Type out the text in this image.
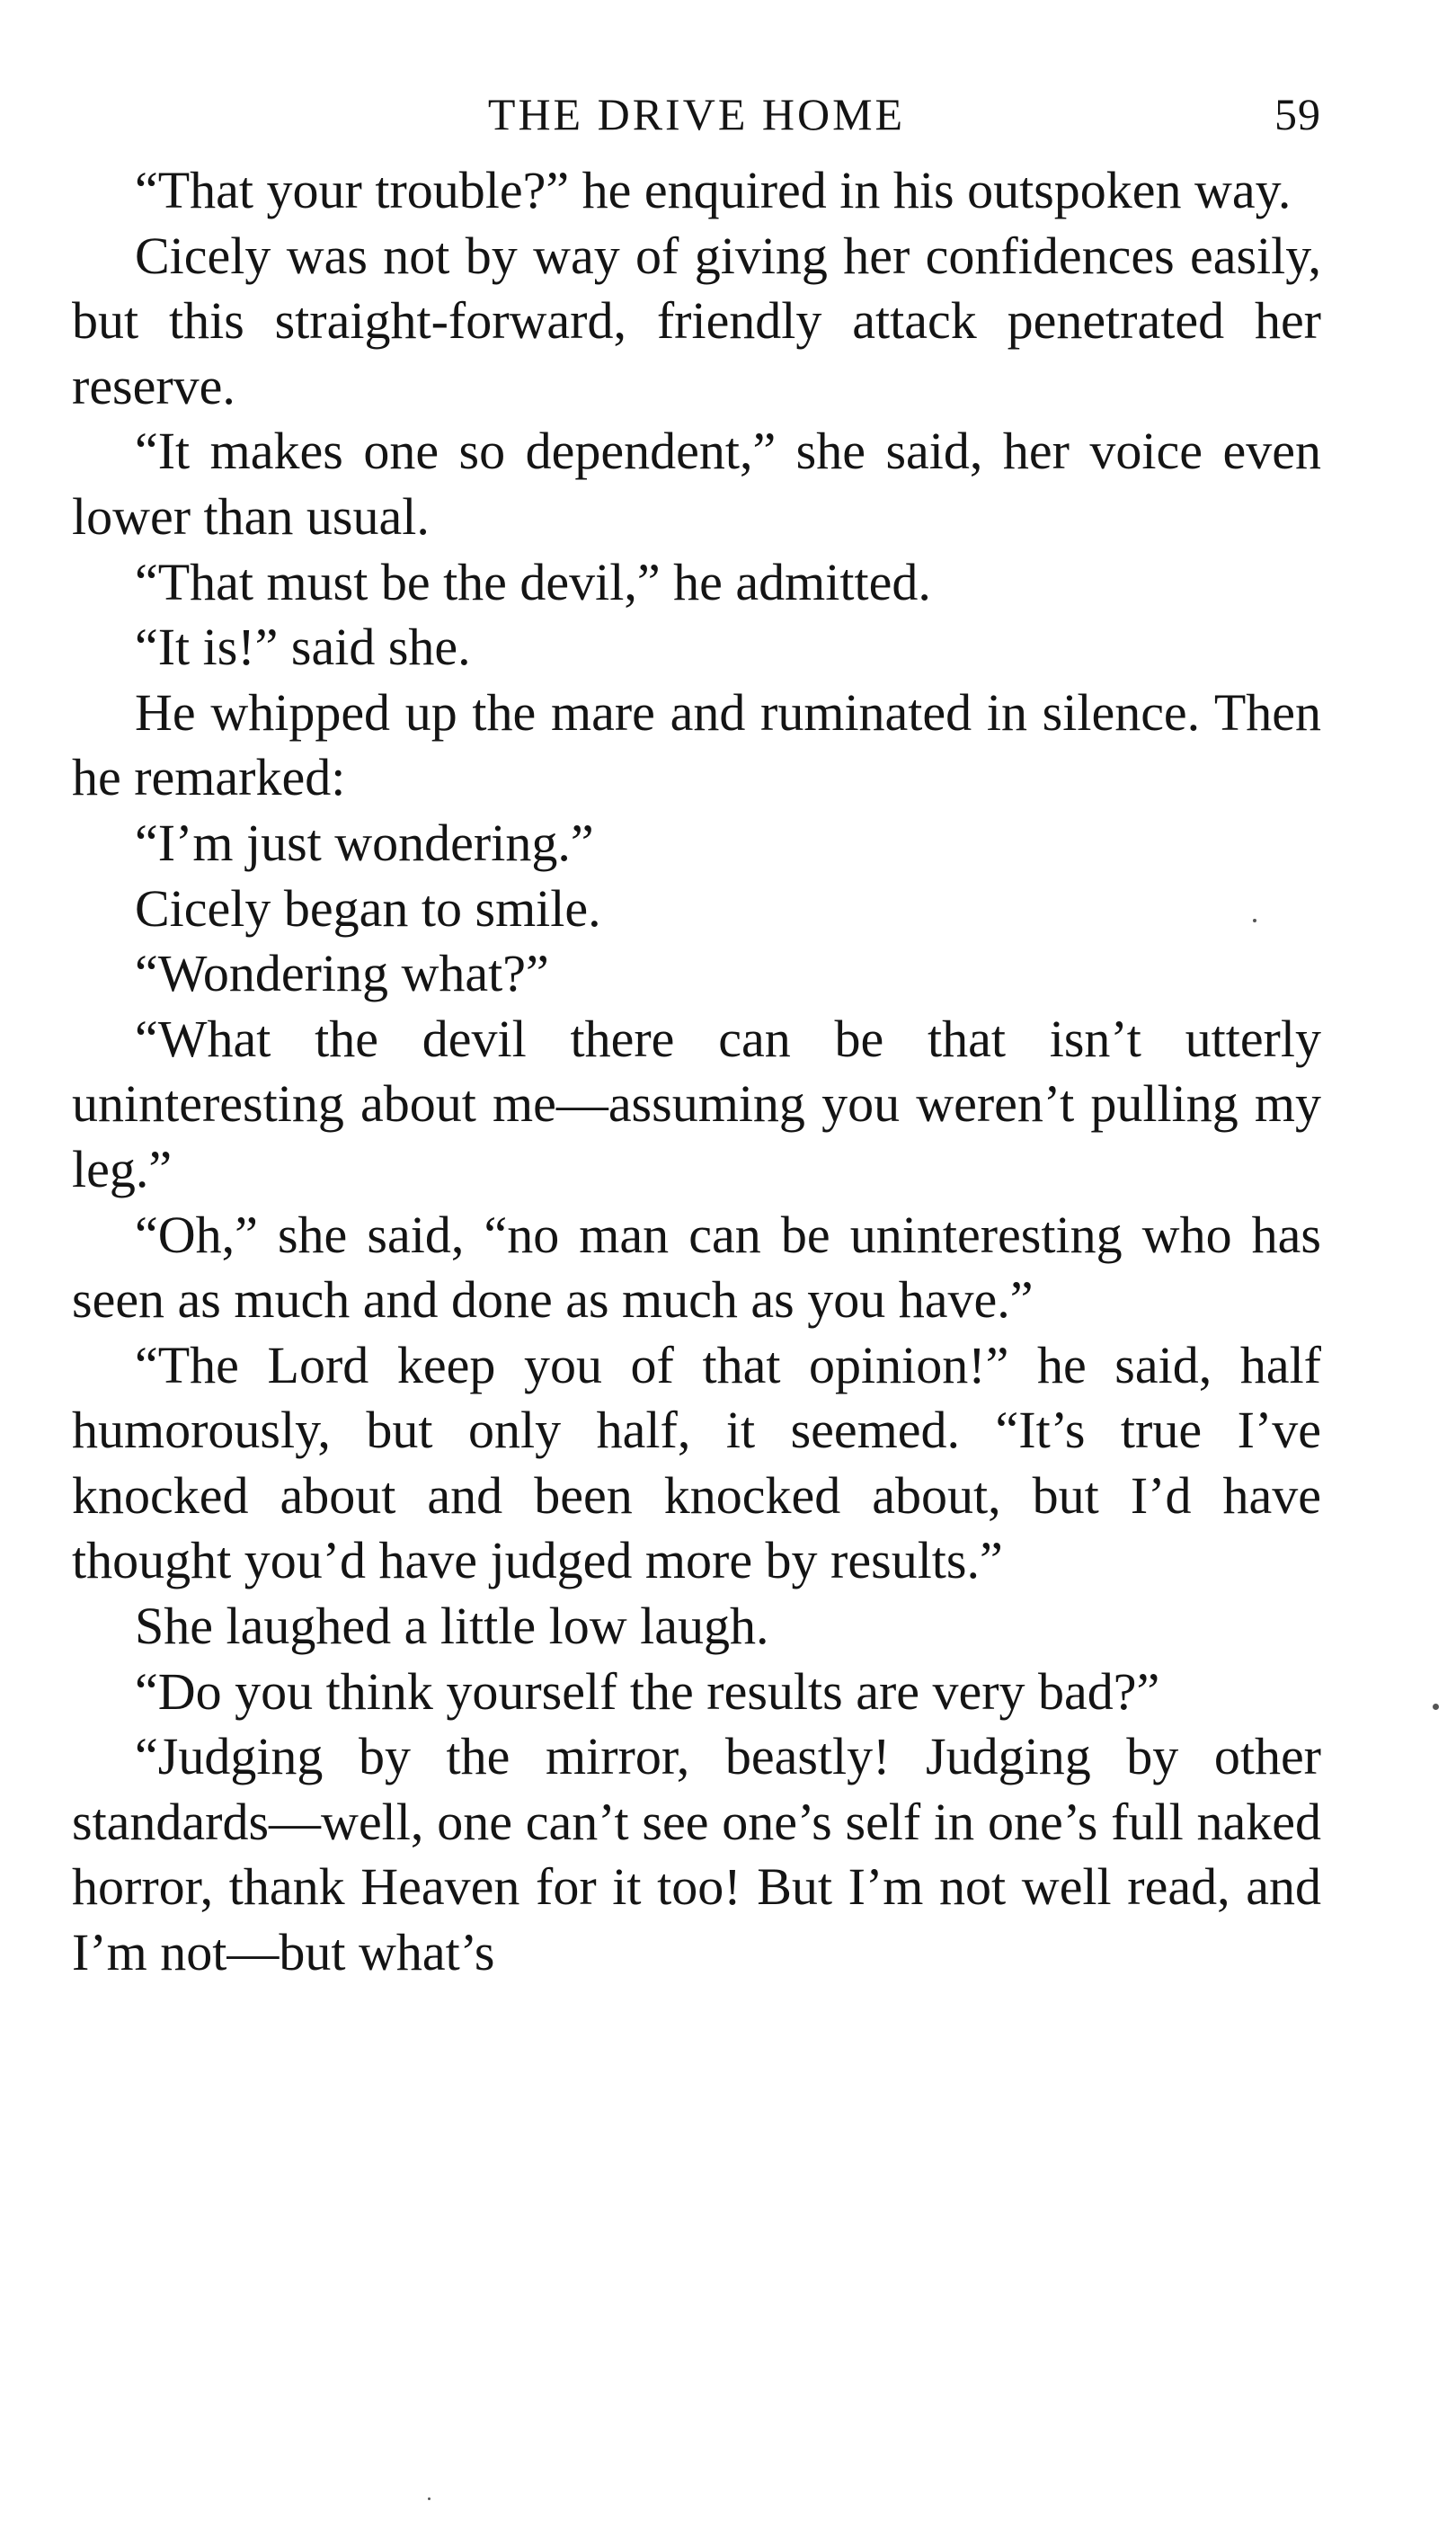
THE DRIVE HOME	59

“That your trouble?” he enquired in his outspoken way.

Cicely was not by way of giving her confidences easily, but this straight-forward, friendly attack penetrated her reserve.

“It makes one so dependent,” she said, her voice even lower than usual.

“That must be the devil,” he admitted.

“It is!” said she.

He whipped up the mare and ruminated in silence. Then he remarked:

“I’m just wondering.”

Cicely began to smile.

“Wondering what?”

“What the devil there can be that isn’t utterly uninteresting about me—assuming you weren’t pulling my leg.”

“Oh,” she said, “no man can be uninteresting who has seen as much and done as much as you have.”

“The Lord keep you of that opinion!” he said, half humorously, but only half, it seemed. “It’s true I’ve knocked about and been knocked about, but I’d have thought you’d have judged more by results.”

She laughed a little low laugh.

“Do you think yourself the results are very bad?”

“Judging by the mirror, beastly! Judging by other standards—well, one can’t see one’s self in one’s full naked horror, thank Heaven for it too! But I’m not well read, and I’m not—but what’s
